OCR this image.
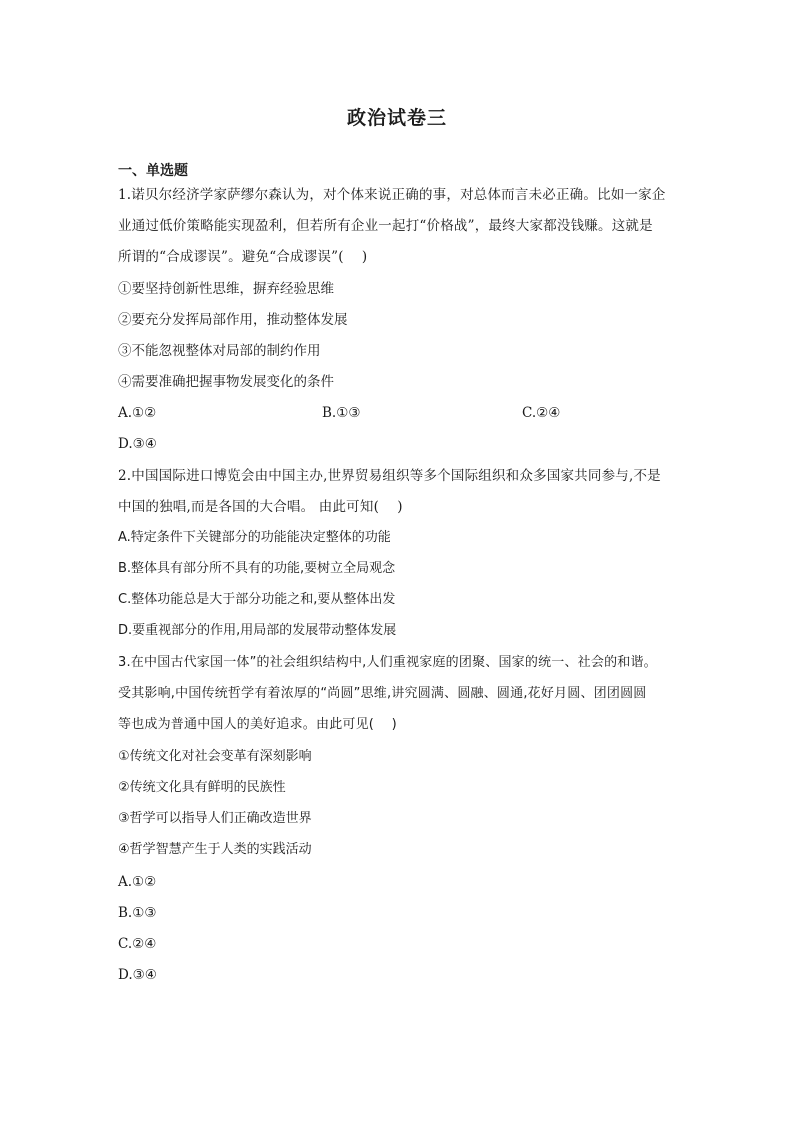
政治试卷三
一、单选题
1.诺贝尔经济学家萨缪尔森认为，对个体来说正确的事，对总体而言未必正确。比如一家企
业通过低价策略能实现盈利，但若所有企业一起打“价格战”，最终大家都没钱赚。这就是
所谓的“合成谬误”。避免“合成谬误”(　 )
①要坚持创新性思维，摒弃经验思维
②要充分发挥局部作用，推动整体发展
③不能忽视整体对局部的制约作用
④需要准确把握事物发展变化的条件
A.①②	B.①③	C.②④
D.③④
2.中国国际进口博览会由中国主办,世界贸易组织等多个国际组织和众多国家共同参与,不是
中国的独唱,而是各国的大合唱。 由此可知(　 )
A.特定条件下关键部分的功能能决定整体的功能
B.整体具有部分所不具有的功能,要树立全局观念
C.整体功能总是大于部分功能之和,要从整体出发
D.要重视部分的作用,用局部的发展带动整体发展
3.在中国古代家国一体”的社会组织结构中,人们重视家庭的团聚、国家的统一、社会的和谐。
受其影响,中国传统哲学有着浓厚的“尚圆”思维,讲究圆满、圆融、圆通,花好月圆、团团圆圆
等也成为普通中国人的美好追求。由此可见(　 )
①传统文化对社会变革有深刻影响
②传统文化具有鲜明的民族性
③哲学可以指导人们正确改造世界
④哲学智慧产生于人类的实践活动
A.①②
B.①③
C.②④
D.③④
